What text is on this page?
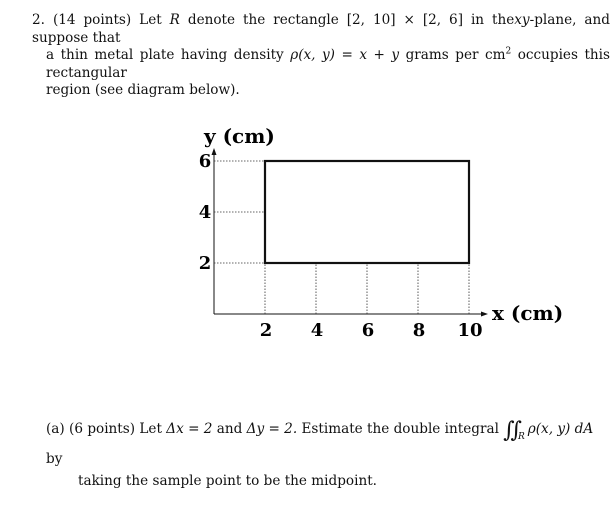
2. (14 points) Let R denote the rectangle [2, 10] × [2, 6] in thexy-plane, and suppose that
a thin metal plate having density ρ(x, y) = x + y grams per $cm^2$ occupies this rectangular
region (see diagram below).
y (cm)
x (cm)
2 4 6 8 10
2
4
6
(a) (6 points) Let Δx = 2 and Δy = 2. Estimate the double integral $∬_R$ ρ(x, y) dA by
taking the sample point to be the midpoint.
